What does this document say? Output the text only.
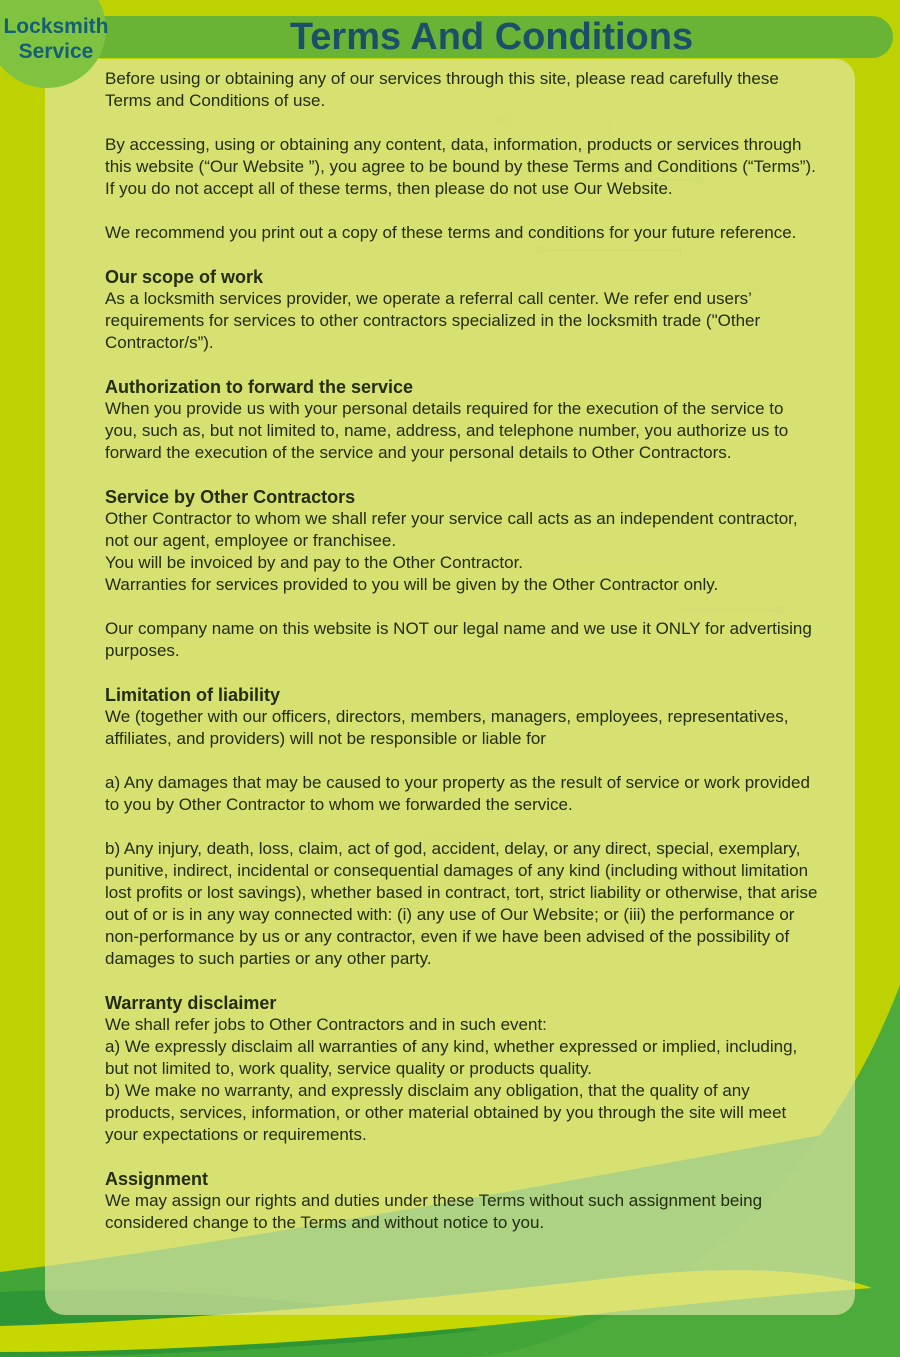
Terms And Conditions

Before using or obtaining any of our services through this site, please read carefully these Terms and Conditions of use.

By accessing, using or obtaining any content, data, information, products or services through this website (“Our Website ”), you agree to be bound by these Terms and Conditions (“Terms”). If you do not accept all of these terms, then please do not use Our Website.

We recommend you print out a copy of these terms and conditions for your future reference.

Our scope of work

As a locksmith services provider, we operate a referral call center. We refer end users’ requirements for services to other contractors specialized in the locksmith trade ("Other Contractor/s”).

Authorization to forward the service

When you provide us with your personal details required for the execution of the service to you, such as, but not limited to, name, address, and telephone number, you authorize us to forward the execution of the service and your personal details to Other Contractors.

Service by Other Contractors

Other Contractor to whom we shall refer your service call acts as an independent contractor, not our agent, employee or franchisee.

You will be invoiced by and pay to the Other Contractor.

Warranties for services provided to you will be given by the Other Contractor only.

Our company name on this website is NOT our legal name and we use it ONLY for advertising purposes.

Limitation of liability

We (together with our officers, directors, members, managers, employees, representatives, affiliates, and providers) will not be responsible or liable for

a) Any damages that may be caused to your property as the result of service or work provided to you by Other Contractor to whom we forwarded the service.

b) Any injury, death, loss, claim, act of god, accident, delay, or any direct, special, exemplary, punitive, indirect, incidental or consequential damages of any kind (including without limitation lost profits or lost savings), whether based in contract, tort, strict liability or otherwise, that arise out of or is in any way connected with: (i) any use of Our Website; or (iii) the performance or non-performance by us or any contractor, even if we have been advised of the possibility of damages to such parties or any other party.

Warranty disclaimer

We shall refer jobs to Other Contractors and in such event:

a) We expressly disclaim all warranties of any kind, whether expressed or implied, including, but not limited to, work quality, service quality or products quality.

b) We make no warranty, and expressly disclaim any obligation, that the quality of any products, services, information, or other material obtained by you through the site will meet your expectations or requirements.

Assignment

We may assign our rights and duties under these Terms without such assignment being considered change to the Terms and without notice to you.

Locksmith
Service
